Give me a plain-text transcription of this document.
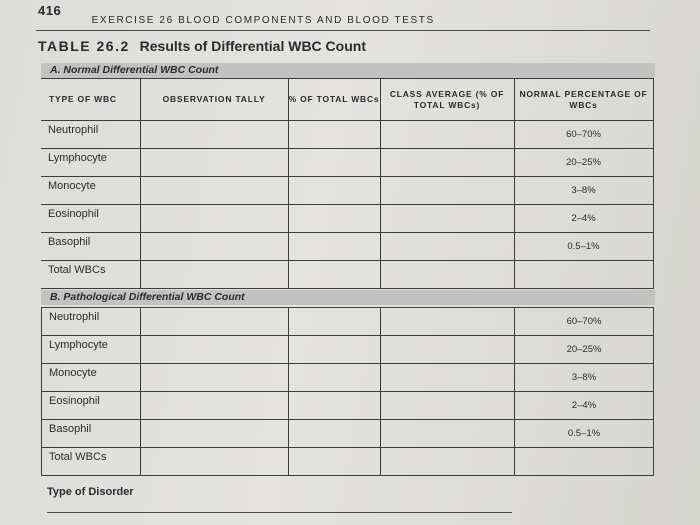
416 $_{EXERCISE 26 BLOOD COMPONENTS AND BLOOD TESTS}$
TABLE 26.2 Results of Differential WBC Count
A. Normal Differential WBC Count
TYPE OF WBC	OBSERVATION TALLY	% OF TOTAL WBCs	CLASS AVERAGE (% OF TOTAL WBCs)	NORMAL PERCENTAGE OF WBCs
Neutrophil				60–70%
Lymphocyte				20–25%
Monocyte				3–8%
Eosinophil				2–4%
Basophil				0.5–1%
Total WBCs				
B. Pathological Differential WBC Count
Neutrophil				60–70%
Lymphocyte				20–25%
Monocyte				3–8%
Eosinophil				2–4%
Basophil				0.5–1%
Total WBCs				
Type of Disorder
